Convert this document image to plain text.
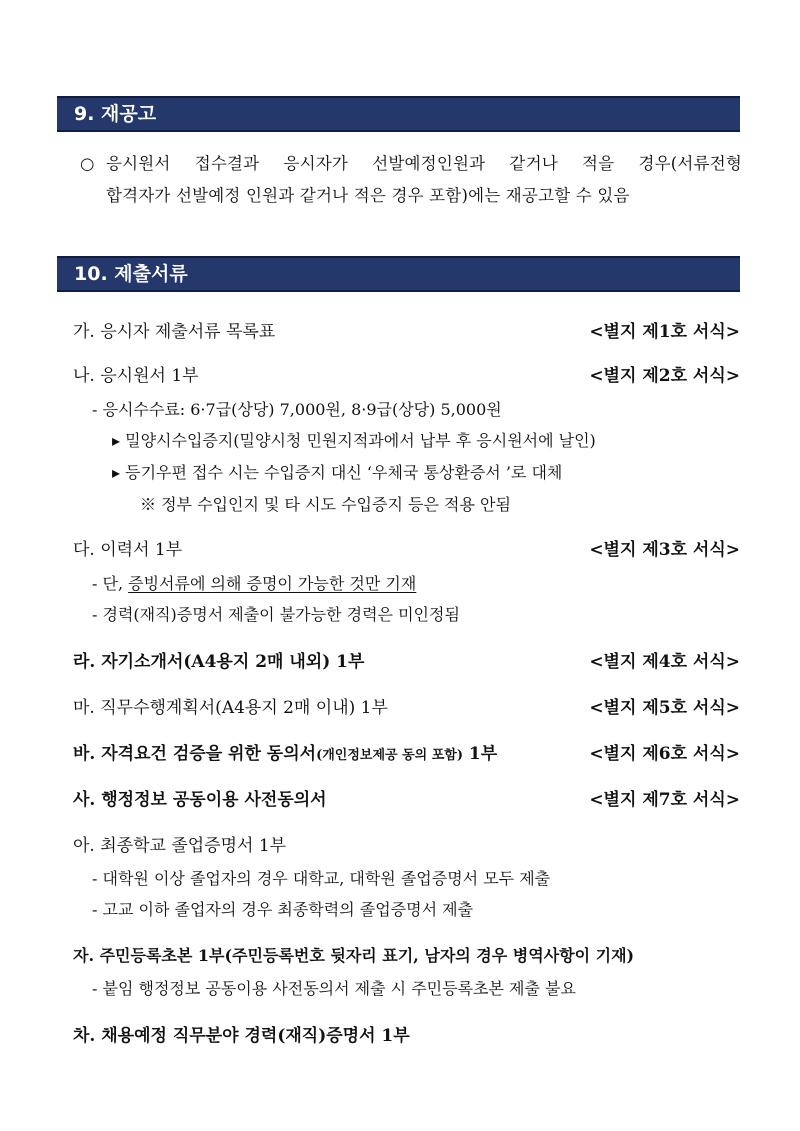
9. 재공고
○ 응시원서 접수결과 응시자가 선발예정인원과 같거나 적을 경우(서류전형
합격자가 선발예정 인원과 같거나 적은 경우 포함)에는 재공고할 수 있음
10. 제출서류
가. 응시자 제출서류 목록표	<별지 제1호 서식>
나. 응시원서 1부	<별지 제2호 서식>
- 응시수수료: 6·7급(상당) 7,000원, 8·9급(상당) 5,000원
▸ 밀양시수입증지(밀양시청 민원지적과에서 납부 후 응시원서에 날인)
▸ 등기우편 접수 시는 수입증지 대신 ‘우체국 통상환증서 ’로 대체
※ 정부 수입인지 및 타 시도 수입증지 등은 적용 안됨
다. 이력서 1부	<별지 제3호 서식>
- 단, 증빙서류에 의해 증명이 가능한 것만 기재
- 경력(재직)증명서 제출이 불가능한 경력은 미인정됨
라. 자기소개서(A4용지 2매 내외) 1부	<별지 제4호 서식>
마. 직무수행계획서(A4용지 2매 이내) 1부	<별지 제5호 서식>
바. 자격요건 검증을 위한 동의서(개인정보제공 동의 포함) 1부	<별지 제6호 서식>
사. 행정정보 공동이용 사전동의서	<별지 제7호 서식>
아. 최종학교 졸업증명서 1부
- 대학원 이상 졸업자의 경우 대학교, 대학원 졸업증명서 모두 제출
- 고교 이하 졸업자의 경우 최종학력의 졸업증명서 제출
자. 주민등록초본 1부(주민등록번호 뒷자리 표기, 남자의 경우 병역사항이 기재)
- 붙임 행정정보 공동이용 사전동의서 제출 시 주민등록초본 제출 불요
차. 채용예정 직무분야 경력(재직)증명서 1부
